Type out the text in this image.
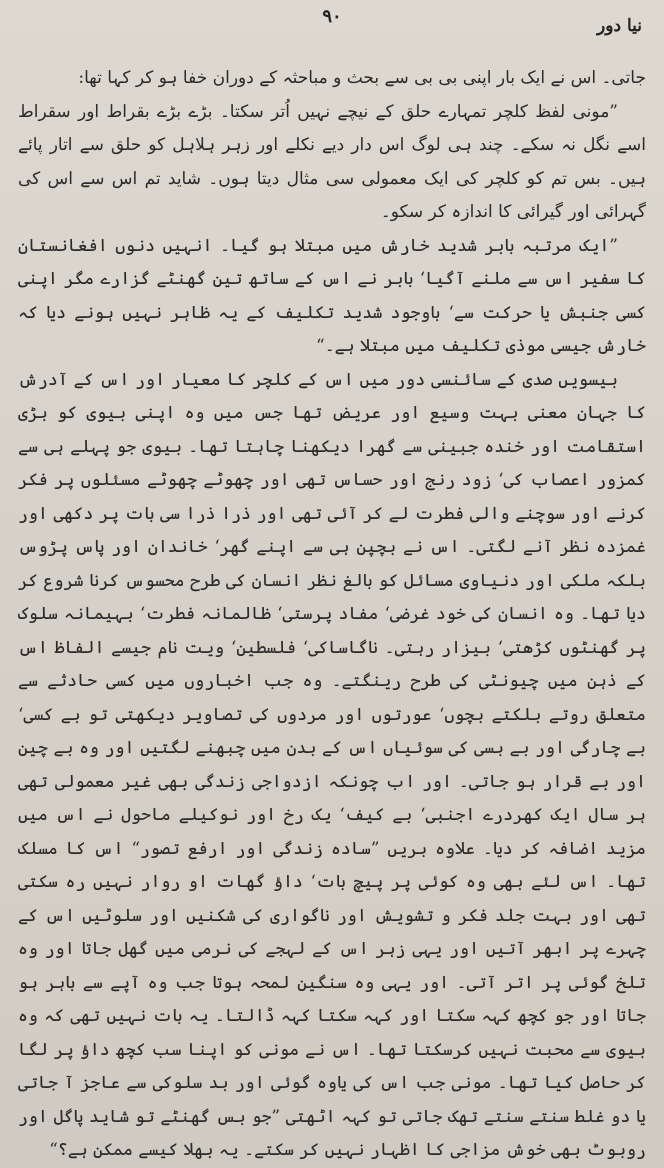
۹۰	نیا دور

جاتی۔ اس نے ایک بار اپنی بی بی سے بحث و مباحثہ کے دوران خفا ہو کر کہا تھا:

”مونی لفظ کلچر تمہارے حلق کے نیچے نہیں اُتر سکتا۔ بڑے بڑے بقراط اور سقراط اسے نگل نہ سکے۔ چند ہی لوگ اس دار دیے نکلے اور زہر ہلاہل کو حلق سے اتار پائے ہیں۔ بس تم کو کلچر کی ایک معمولی سی مثال دیتا ہوں۔ شاید تم اس سے اس کی گہرائی اور گیرائی کا اندازہ کر سکو۔

”ایک مرتبہ بابر شدید خارش میں مبتلا ہو گیا۔ انہیں دنوں افغانستان کا سفیر اس سے ملنے آگیا‘ بابر نے اس کے ساتھ تین گھنٹے گزارے مگر اپنی کسی جنبش یا حرکت سے‘ باوجود شدید تکلیف کے یہ ظاہر نہیں ہونے دیا کہ خارش جیسی موذی تکلیف میں مبتلا ہے۔“

بیسویں صدی کے سائنسی دور میں اس کے کلچر کا معیار اور اس کے آدرش کا جہان معنی بہت وسیع اور عریض تھا جس میں وہ اپنی بیوی کو بڑی استقامت اور خندہ جبینی سے گھرا دیکھنا چاہتا تھا۔ بیوی جو پہلے ہی سے کمزور اعصاب کی‘ زود رنج اور حساس تھی اور چھوٹے چھوٹے مسئلوں پر فکر کرنے اور سوچنے والی فطرت لے کر آئی تھی اور ذرا ذرا سی بات پر دکھی اور غمزدہ نظر آنے لگتی۔ اس نے بچپن ہی سے اپنے گھر‘ خاندان اور پاس پڑوس بلکہ ملکی اور دنیاوی مسائل کو بالغ نظر انسان کی طرح محسوس کرنا شروع کر دیا تھا۔ وہ انسان کی خود غرضی‘ مفاد پرستی‘ ظالمانہ فطرت‘ بہیمانہ سلوک پر گھنٹوں کڑھتی‘ بیزار رہتی۔ ناگاساکی‘ فلسطین‘ ویت نام جیسے الفاظ اس کے ذہن میں چیونٹی کی طرح رینگتے۔ وہ جب اخباروں میں کسی حادثے سے متعلق روتے بلکتے بچوں‘ عورتوں اور مردوں کی تصاویر دیکھتی تو بے کسی‘ بے چارگی اور بے بسی کی سوئیاں اس کے بدن میں چبھنے لگتیں اور وہ بے چین اور بے قرار ہو جاتی۔ اور اب چونکہ ازدواجی زندگی بھی غیر معمولی تھی ہر سال ایک کھردرے اجنبی‘ بے کیف‘ یک رخ اور نوکیلے ماحول نے اس میں مزید اضافہ کر دیا۔ علاوہ بریں ”سادہ زندگی اور ارفع تصور“ اس کا مسلک تھا۔ اس لئے بھی وہ کوئی پر پیچ بات‘ داؤ گھات او روار نہیں رہ سکتی تھی اور بہت جلد فکر و تشویش اور ناگواری کی شکنیں اور سلوٹیں اس کے چہرے پر ابھر آتیں اور یہی زہر اس کے لہجے کی نرمی میں گھل جاتا اور وہ تلخ گوئی پر اتر آتی۔ اور یہی وہ سنگین لمحہ ہوتا جب وہ آپے سے باہر ہو جاتا اور جو کچھ کہہ سکتا اور کہہ سکتا کہہ ڈالتا۔ یہ بات نہیں تھی کہ وہ بیوی سے محبت نہیں کرسکتا تھا۔ اس نے مونی کو اپنا سب کچھ داؤ پر لگا کر حاصل کیا تھا۔ مونی جب اس کی یاوہ گوئی اور بد سلوکی سے عاجز آ جاتی یا دو غلط سنتے سنتے تھک جاتی تو کہہ اٹھتی ”جو بس گھنٹے تو شاید پاگل اور روبوٹ بھی خوش مزاجی کا اظہار نہیں کر سکتے۔ یہ بھلا کیسے ممکن ہے؟“
